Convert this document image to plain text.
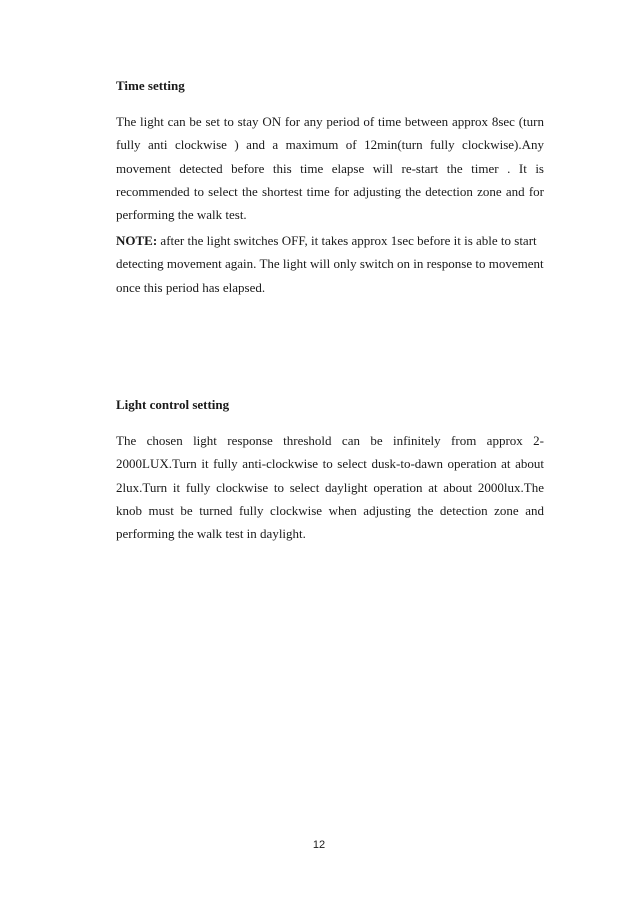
Time setting

The light can be set to stay ON for any period of time between approx 8sec (turn fully anti clockwise ) and a maximum of 12min(turn fully clockwise).Any movement detected before this time elapse will re-start the timer . It is recommended to select the shortest time for adjusting the detection zone and for performing the walk test.

NOTE: after the light switches OFF, it takes approx 1sec before it is able to start detecting movement again. The light will only switch on in response to movement once this period has elapsed.

Light control setting

The chosen light response threshold can be infinitely from approx 2-2000LUX.Turn it fully anti-clockwise to select dusk-to-dawn operation at about 2lux.Turn it fully clockwise to select daylight operation at about 2000lux.The knob must be turned fully clockwise when adjusting the detection zone and performing the walk test in daylight.

12
